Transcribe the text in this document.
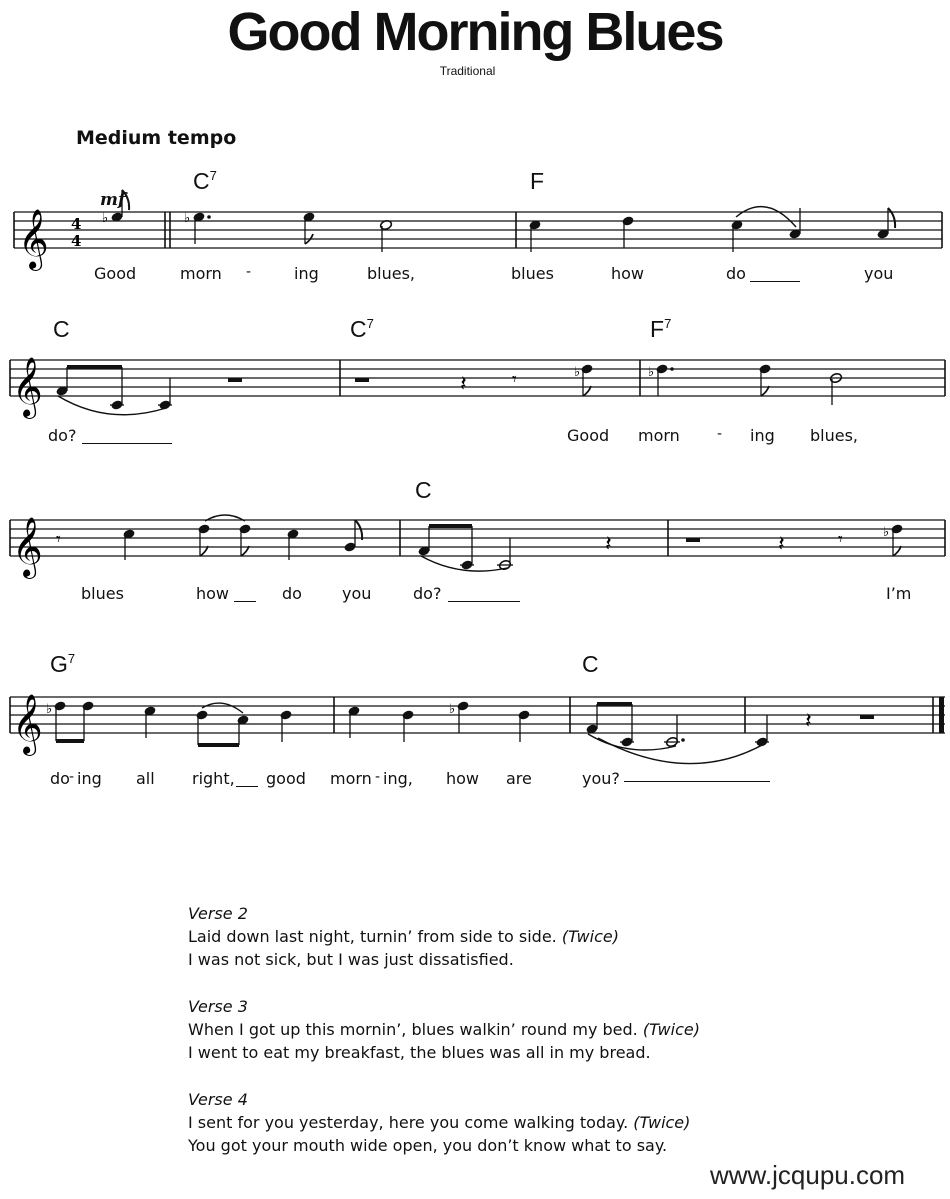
Good Morning Blues
Traditional
Medium tempo
mf
$C^7$	F
C	$C^7$	$F^7$
C
$G^7$	C
𝄞 4
4
♭	♭
𝄞	𝄽	𝄾	♭	♭
𝄞 𝄾	𝄽	𝄽	𝄾	♭
𝄞 ♭	♭	𝄽
Good	morn -	ing	blues,	blues	how	do	you
do?	Good morn	- ing blues,
blues	how	do	you	do?	I’m
do - ing all right, good morn - ing, how are	you?
Verse 2
Laid down last night, turnin’ from side to side. (Twice)
I was not sick, but I was just dissatisfied.
Verse 3
When I got up this mornin’, blues walkin’ round my bed. (Twice)
I went to eat my breakfast, the blues was all in my bread.
Verse 4
I sent for you yesterday, here you come walking today. (Twice)
You got your mouth wide open, you don’t know what to say.
www.jcqupu.com
